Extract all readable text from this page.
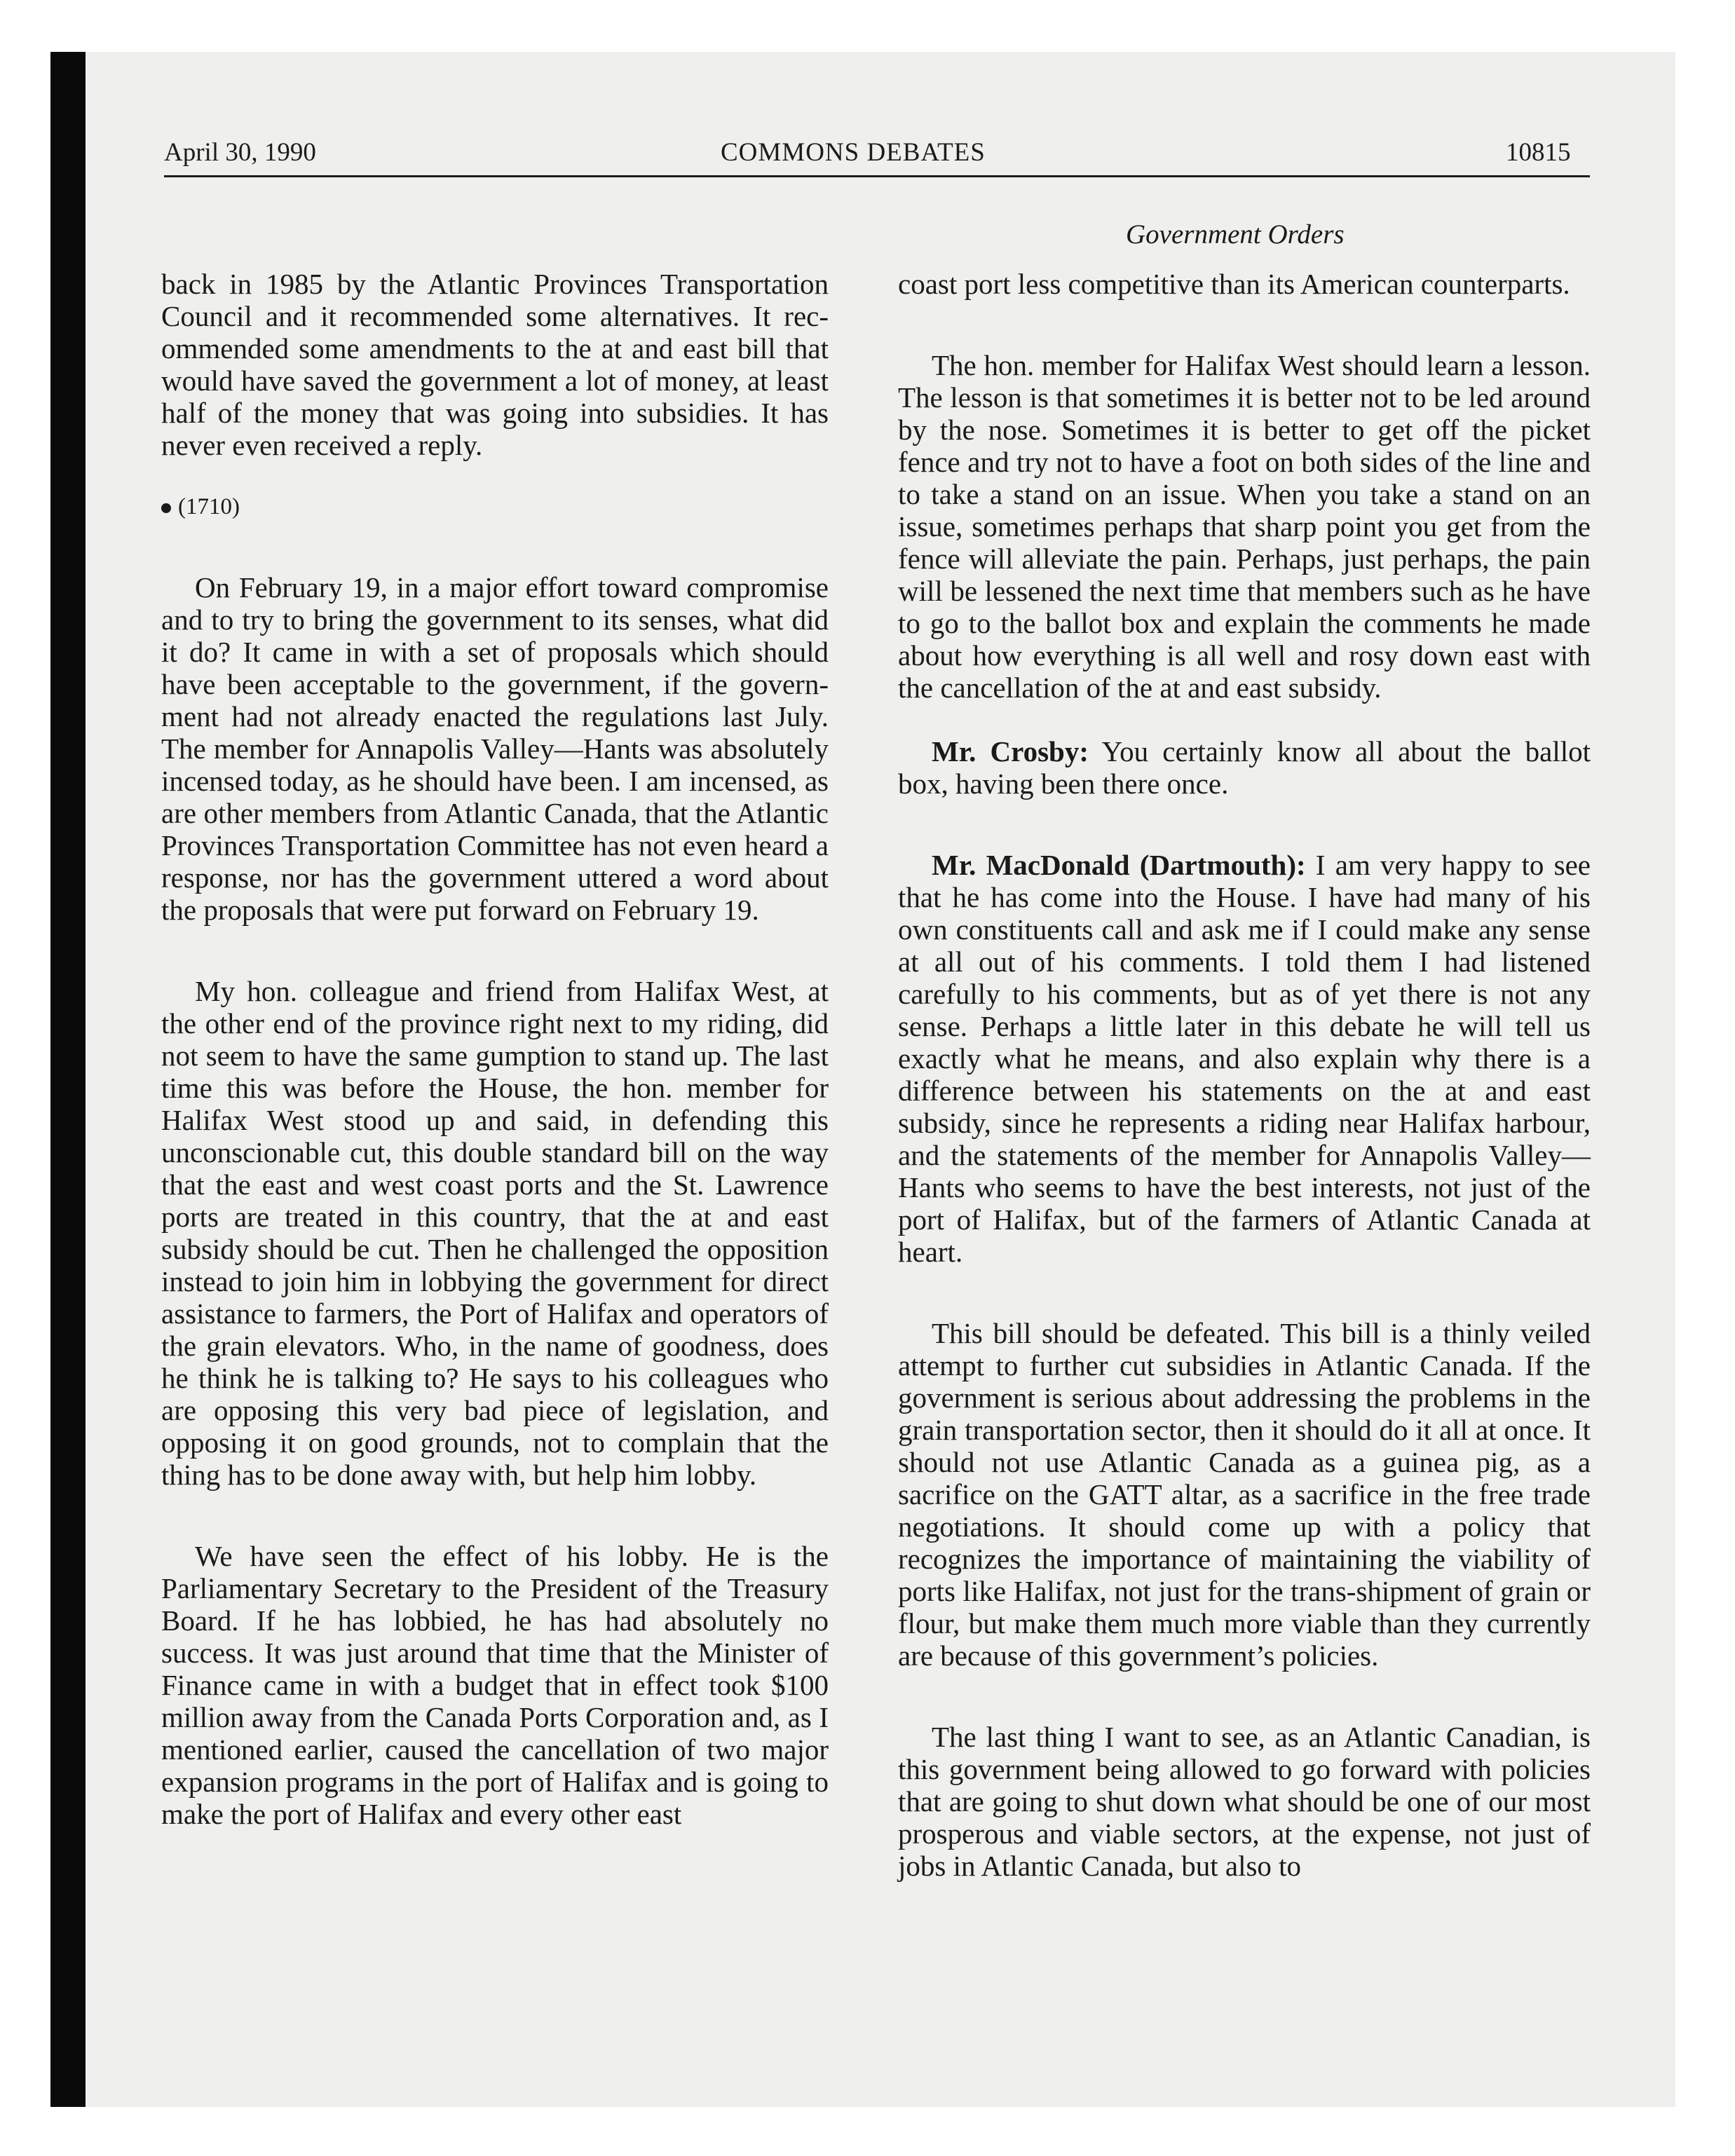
April 30, 1990	COMMONS DEBATES	10815
Government Orders

back in 1985 by the Atlantic Provinces Transportation Council and it recommended some alternatives. It recommended some amendments to the at and east bill that would have saved the government a lot of money, at least half of the money that was going into subsidies. It has never even received a reply.

(1710)

On February 19, in a major effort toward compromise and to try to bring the government to its senses, what did it do? It came in with a set of proposals which should have been acceptable to the government, if the government had not already enacted the regulations last July. The member for Annapolis Valley—Hants was absolutely incensed today, as he should have been. I am incensed, as are other members from Atlantic Canada, that the Atlantic Provinces Transportation Committee has not even heard a response, nor has the government uttered a word about the proposals that were put forward on February 19.

My hon. colleague and friend from Halifax West, at the other end of the province right next to my riding, did not seem to have the same gumption to stand up. The last time this was before the House, the hon. member for Halifax West stood up and said, in defending this unconscionable cut, this double standard bill on the way that the east and west coast ports and the St. Lawrence ports are treated in this country, that the at and east subsidy should be cut. Then he challenged the opposition instead to join him in lobbying the government for direct assistance to farmers, the Port of Halifax and operators of the grain elevators. Who, in the name of goodness, does he think he is talking to? He says to his colleagues who are opposing this very bad piece of legislation, and opposing it on good grounds, not to complain that the thing has to be done away with, but help him lobby.

We have seen the effect of his lobby. He is the Parliamentary Secretary to the President of the Treasury Board. If he has lobbied, he has had absolutely no success. It was just around that time that the Minister of Finance came in with a budget that in effect took $100 million away from the Canada Ports Corporation and, as I mentioned earlier, caused the cancellation of two major expansion programs in the port of Halifax and is going to make the port of Halifax and every other east

coast port less competitive than its American counterparts.

The hon. member for Halifax West should learn a lesson. The lesson is that sometimes it is better not to be led around by the nose. Sometimes it is better to get off the picket fence and try not to have a foot on both sides of the line and to take a stand on an issue. When you take a stand on an issue, sometimes perhaps that sharp point you get from the fence will alleviate the pain. Perhaps, just perhaps, the pain will be lessened the next time that members such as he have to go to the ballot box and explain the comments he made about how everything is all well and rosy down east with the cancellation of the at and east subsidy.

Mr. Crosby: You certainly know all about the ballot box, having been there once.

Mr. MacDonald (Dartmouth): I am very happy to see that he has come into the House. I have had many of his own constituents call and ask me if I could make any sense at all out of his comments. I told them I had listened carefully to his comments, but as of yet there is not any sense. Perhaps a little later in this debate he will tell us exactly what he means, and also explain why there is a difference between his statements on the at and east subsidy, since he represents a riding near Halifax harbour, and the statements of the member for Annapolis Valley—Hants who seems to have the best interests, not just of the port of Halifax, but of the farmers of Atlantic Canada at heart.

This bill should be defeated. This bill is a thinly veiled attempt to further cut subsidies in Atlantic Canada. If the government is serious about addressing the problems in the grain transportation sector, then it should do it all at once. It should not use Atlantic Canada as a guinea pig, as a sacrifice on the GATT altar, as a sacrifice in the free trade negotiations. It should come up with a policy that recognizes the importance of maintaining the viability of ports like Halifax, not just for the trans-shipment of grain or flour, but make them much more viable than they currently are because of this government’s policies.

The last thing I want to see, as an Atlantic Canadian, is this government being allowed to go forward with policies that are going to shut down what should be one of our most prosperous and viable sectors, at the expense, not just of jobs in Atlantic Canada, but also to
